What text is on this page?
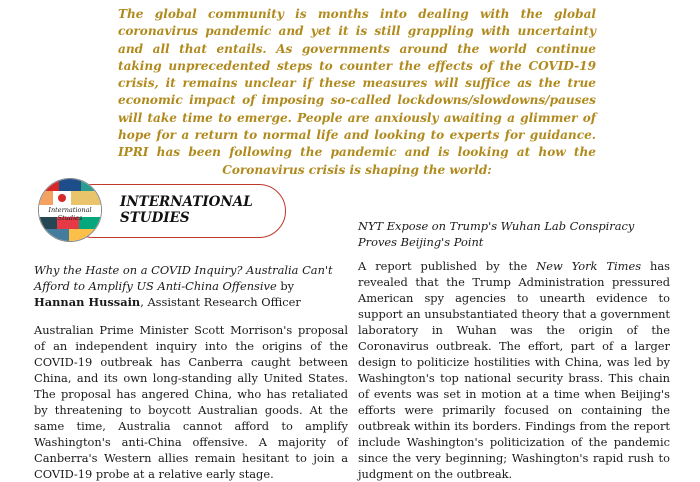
The global community is months into dealing with the global coronavirus pandemic and yet it is still grappling with uncertainty and all that entails. As governments around the world continue taking unprecedented steps to counter the effects of the COVID-19 crisis, it remains unclear if these measures will suffice as the true economic impact of imposing so-called lockdowns/slowdowns/pauses will take time to emerge. People are anxiously awaiting a glimmer of hope for a return to normal life and looking to experts for guidance. IPRI has been following the pandemic and is looking at how the Coronavirus crisis is shaping the world:
International Studies
INTERNATIONAL
STUDIES
Why the Haste on a COVID Inquiry? Australia Can't Afford to Amplify US Anti-China Offensive by Hannan Hussain, Assistant Research Officer
Australian Prime Minister Scott Morrison's proposal of an independent inquiry into the origins of the COVID-19 outbreak has Canberra caught between China, and its own long-standing ally United States. The proposal has angered China, who has retaliated by threatening to boycott Australian goods. At the same time, Australia cannot afford to amplify Washington's anti-China offensive. A majority of Canberra's Western allies remain hesitant to join a COVID-19 probe at a relative early stage.
NYT Expose on Trump's Wuhan Lab Conspiracy Proves Beijing's Point
A report published by the New York Times has revealed that the Trump Administration pressured American spy agencies to unearth evidence to support an unsubstantiated theory that a government laboratory in Wuhan was the origin of the Coronavirus outbreak. The effort, part of a larger design to politicize hostilities with China, was led by Washington's top national security brass. This chain of events was set in motion at a time when Beijing's efforts were primarily focused on containing the outbreak within its borders. Findings from the report include Washington's politicization of the pandemic since the very beginning; Washington's rapid rush to judgment on the outbreak.
